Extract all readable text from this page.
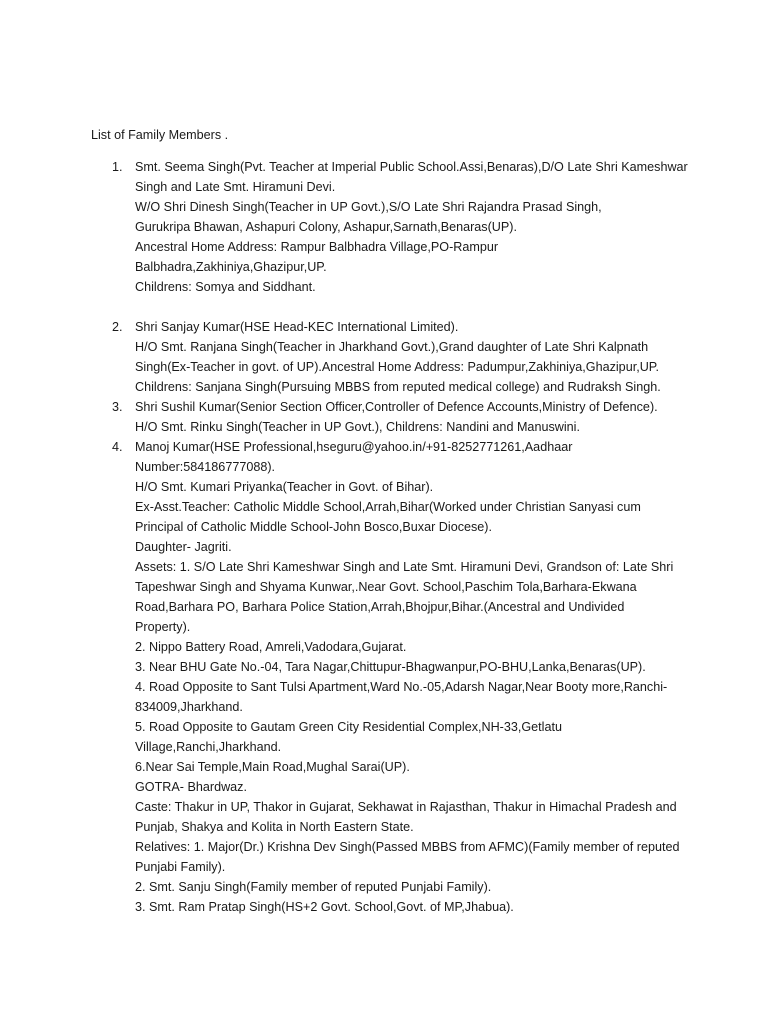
List of Family Members .
1. Smt. Seema Singh(Pvt. Teacher at Imperial Public School.Assi,Benaras),D/O Late Shri Kameshwar
Singh and Late Smt. Hiramuni Devi.
W/O Shri Dinesh Singh(Teacher in UP Govt.),S/O Late Shri Rajandra Prasad Singh,
Gurukripa Bhawan, Ashapuri Colony, Ashapur,Sarnath,Benaras(UP).
Ancestral Home Address: Rampur Balbhadra Village,PO-Rampur
Balbhadra,Zakhiniya,Ghazipur,UP.
Childrens: Somya and Siddhant.
2. Shri Sanjay Kumar(HSE Head-KEC International Limited).
H/O Smt. Ranjana Singh(Teacher in Jharkhand Govt.),Grand daughter of Late Shri Kalpnath
Singh(Ex-Teacher in govt. of UP).Ancestral Home Address: Padumpur,Zakhiniya,Ghazipur,UP.
Childrens: Sanjana Singh(Pursuing MBBS from reputed medical college) and Rudraksh Singh.
3. Shri Sushil Kumar(Senior Section Officer,Controller of Defence Accounts,Ministry of Defence).
H/O Smt. Rinku Singh(Teacher in UP Govt.), Childrens: Nandini and Manuswini.
4. Manoj Kumar(HSE Professional,hseguru@yahoo.in/+91-8252771261,Aadhaar
Number:584186777088).
H/O Smt. Kumari Priyanka(Teacher in Govt. of Bihar).
Ex-Asst.Teacher: Catholic Middle School,Arrah,Bihar(Worked under Christian Sanyasi cum
Principal of Catholic Middle School-John Bosco,Buxar Diocese).
Daughter- Jagriti.
Assets: 1. S/O Late Shri Kameshwar Singh and Late Smt. Hiramuni Devi, Grandson of: Late Shri
Tapeshwar Singh and Shyama Kunwar,.Near Govt. School,Paschim Tola,Barhara-Ekwana
Road,Barhara PO, Barhara Police Station,Arrah,Bhojpur,Bihar.(Ancestral and Undivided
Property).
2. Nippo Battery Road, Amreli,Vadodara,Gujarat.
3. Near BHU Gate No.-04, Tara Nagar,Chittupur-Bhagwanpur,PO-BHU,Lanka,Benaras(UP).
4. Road Opposite to Sant Tulsi Apartment,Ward No.-05,Adarsh Nagar,Near Booty more,Ranchi-
834009,Jharkhand.
5. Road Opposite to Gautam Green City Residential Complex,NH-33,Getlatu
Village,Ranchi,Jharkhand.
6.Near Sai Temple,Main Road,Mughal Sarai(UP).
GOTRA- Bhardwaz.
Caste: Thakur in UP, Thakor in Gujarat, Sekhawat in Rajasthan, Thakur in Himachal Pradesh and
Punjab, Shakya and Kolita in North Eastern State.
Relatives: 1. Major(Dr.) Krishna Dev Singh(Passed MBBS from AFMC)(Family member of reputed
Punjabi Family).
2. Smt. Sanju Singh(Family member of reputed Punjabi Family).
3. Smt. Ram Pratap Singh(HS+2 Govt. School,Govt. of MP,Jhabua).
